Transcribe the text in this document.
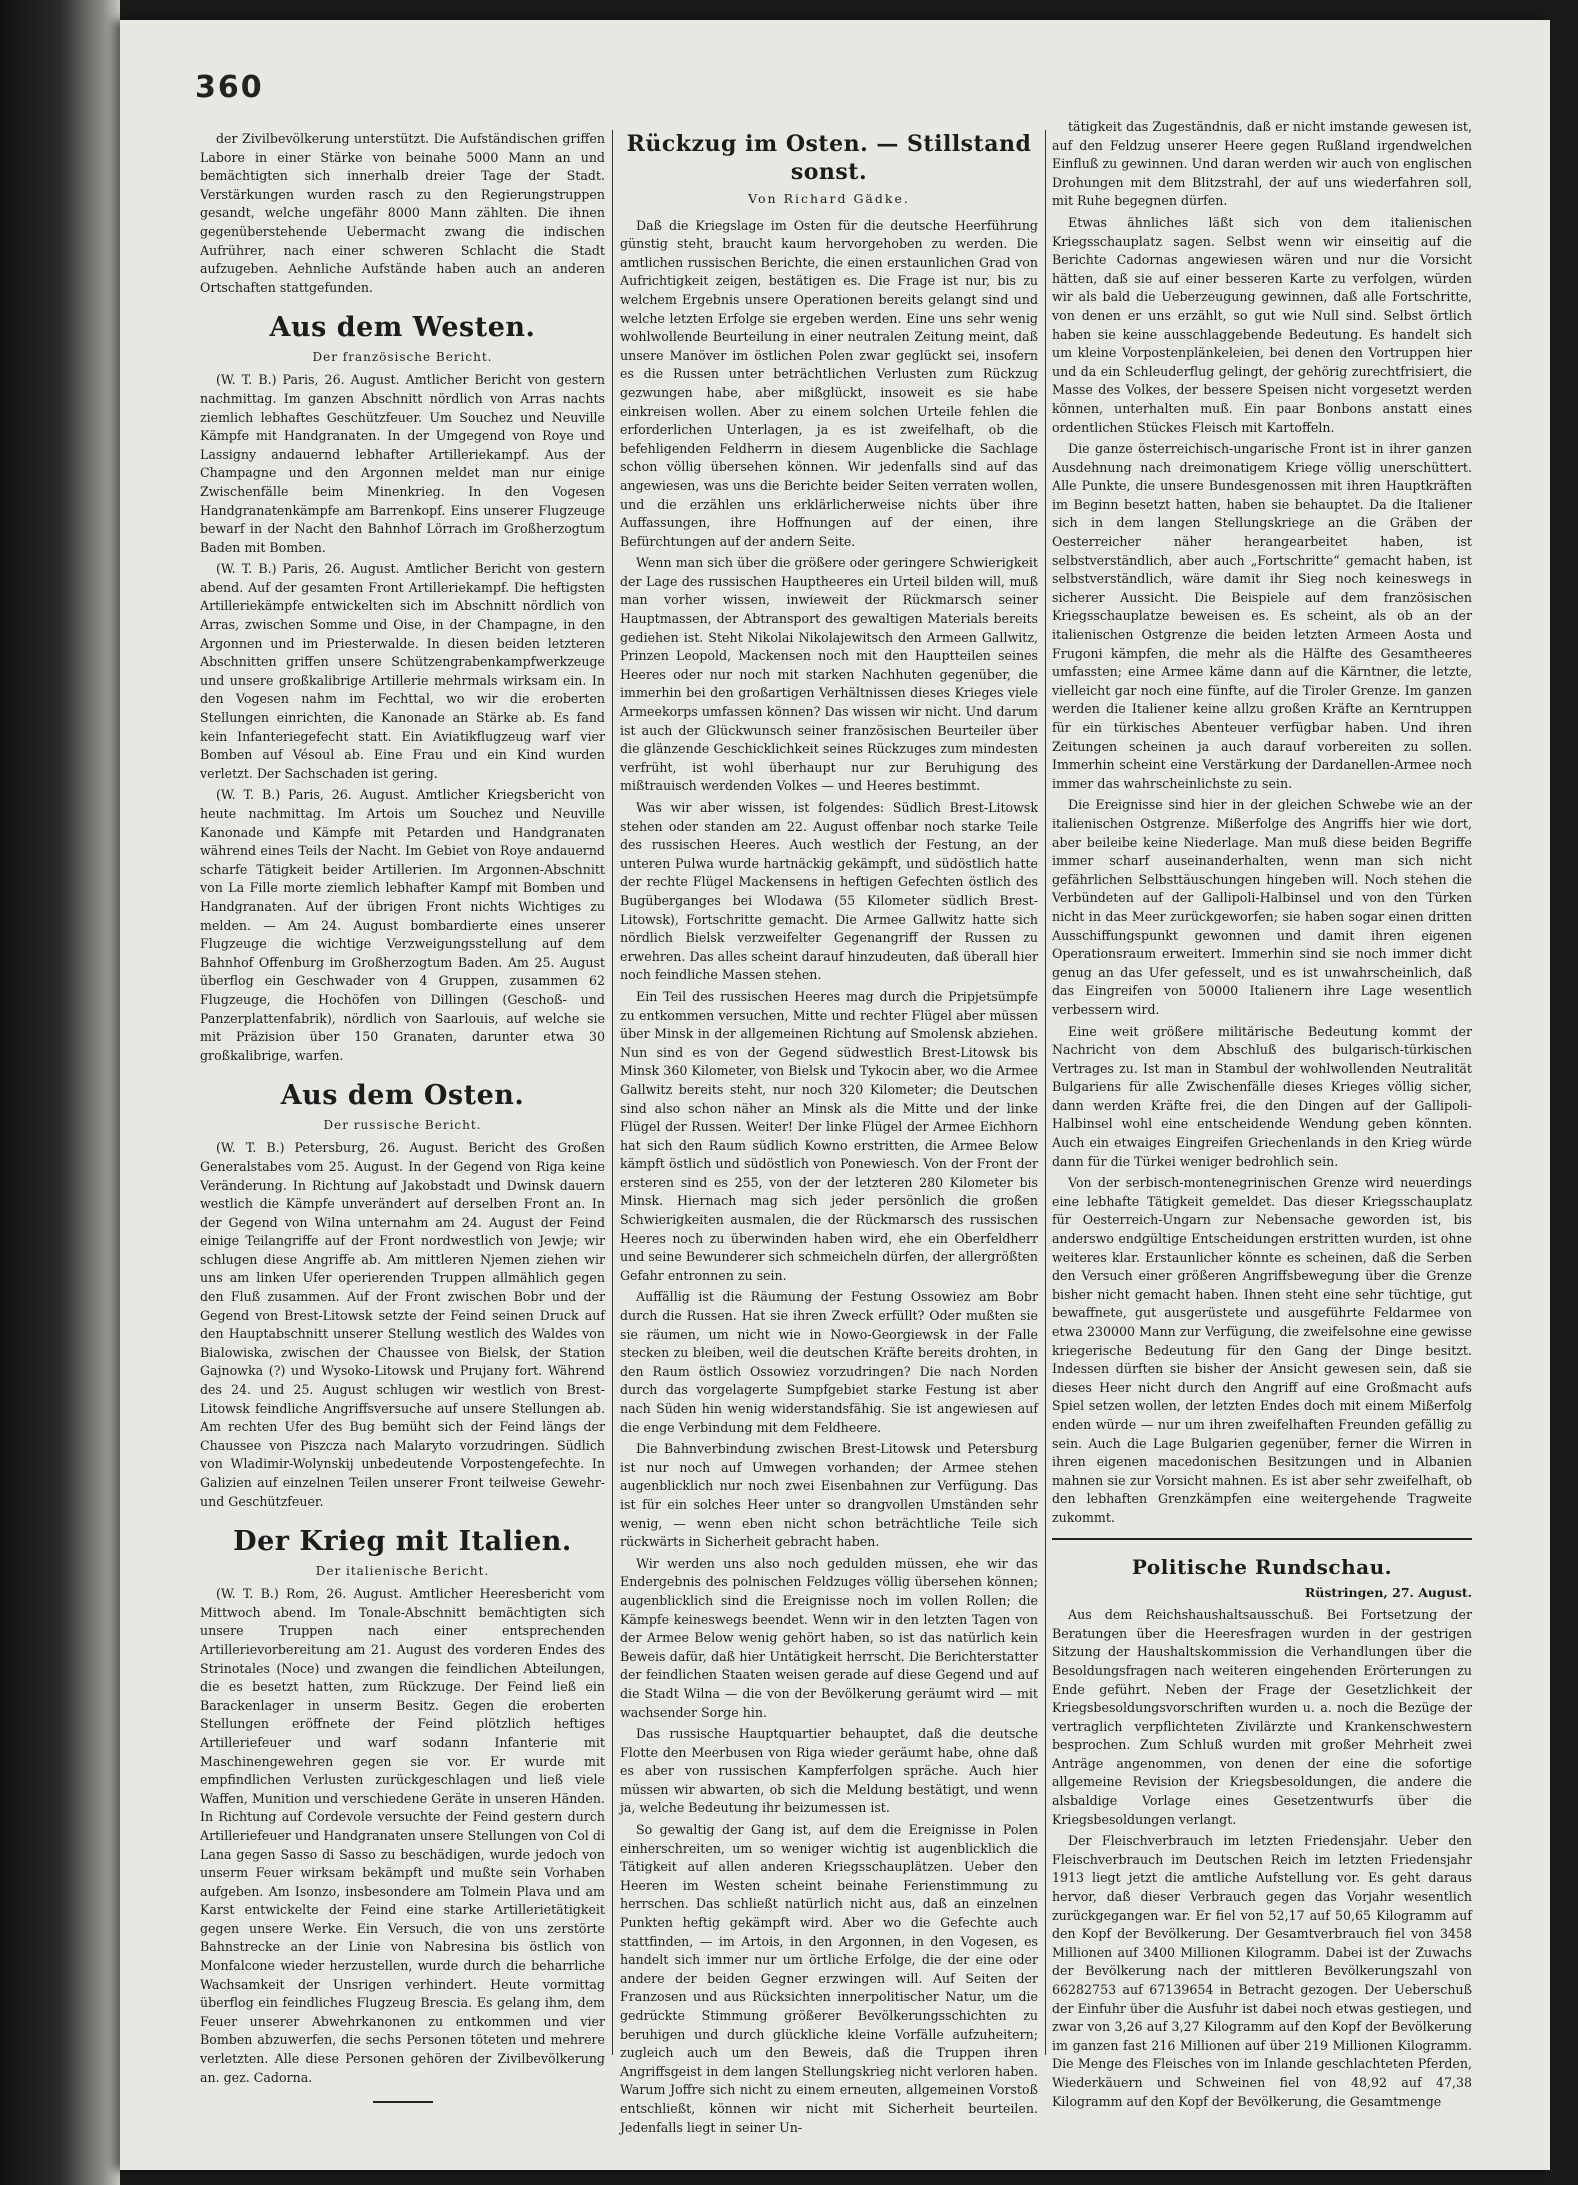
360

der Zivilbevölkerung unterstützt. Die Aufständischen griffen Labore in einer Stärke von beinahe 5000 Mann an und bemächtigten sich innerhalb dreier Tage der Stadt. Verstärkungen wurden rasch zu den Regierungstruppen gesandt, welche ungefähr 8000 Mann zählten. Die ihnen gegenüberstehende Uebermacht zwang die indischen Aufrührer, nach einer schweren Schlacht die Stadt aufzugeben. Aehnliche Aufstände haben auch an anderen Ortschaften stattgefunden.

Aus dem Westen.
Der französische Bericht.

(W. T. B.) Paris, 26. August. Amtlicher Bericht von gestern nachmittag. Im ganzen Abschnitt nördlich von Arras nachts ziemlich lebhaftes Geschützfeuer. Um Souchez und Neuville Kämpfe mit Handgranaten. In der Umgegend von Roye und Lassigny andauernd lebhafter Artilleriekampf. Aus der Champagne und den Argonnen meldet man nur einige Zwischenfälle beim Minenkrieg. In den Vogesen Handgranatenkämpfe am Barrenkopf. Eins unserer Flugzeuge bewarf in der Nacht den Bahnhof Lörrach im Großherzogtum Baden mit Bomben.

(W. T. B.) Paris, 26. August. Amtlicher Bericht von gestern abend. Auf der gesamten Front Artilleriekampf. Die heftigsten Artilleriekämpfe entwickelten sich im Abschnitt nördlich von Arras, zwischen Somme und Oise, in der Champagne, in den Argonnen und im Priesterwalde. In diesen beiden letzteren Abschnitten griffen unsere Schützengrabenkampfwerkzeuge und unsere großkalibrige Artillerie mehrmals wirksam ein. In den Vogesen nahm im Fechttal, wo wir die eroberten Stellungen einrichten, die Kanonade an Stärke ab. Es fand kein Infanteriegefecht statt. Ein Aviatikflugzeug warf vier Bomben auf Vésoul ab. Eine Frau und ein Kind wurden verletzt. Der Sachschaden ist gering.

(W. T. B.) Paris, 26. August. Amtlicher Kriegsbericht von heute nachmittag. Im Artois um Souchez und Neuville Kanonade und Kämpfe mit Petarden und Handgranaten während eines Teils der Nacht. Im Gebiet von Roye andauernd scharfe Tätigkeit beider Artillerien. Im Argonnen-Abschnitt von La Fille morte ziemlich lebhafter Kampf mit Bomben und Handgranaten. Auf der übrigen Front nichts Wichtiges zu melden. — Am 24. August bombardierte eines unserer Flugzeuge die wichtige Verzweigungsstellung auf dem Bahnhof Offenburg im Großherzogtum Baden. Am 25. August überflog ein Geschwader von 4 Gruppen, zusammen 62 Flugzeuge, die Hochöfen von Dillingen (Geschoß- und Panzerplattenfabrik), nördlich von Saarlouis, auf welche sie mit Präzision über 150 Granaten, darunter etwa 30 großkalibrige, warfen.

Aus dem Osten.
Der russische Bericht.

(W. T. B.) Petersburg, 26. August. Bericht des Großen Generalstabes vom 25. August. In der Gegend von Riga keine Veränderung. In Richtung auf Jakobstadt und Dwinsk dauern westlich die Kämpfe unverändert auf derselben Front an. In der Gegend von Wilna unternahm am 24. August der Feind einige Teilangriffe auf der Front nordwestlich von Jewje; wir schlugen diese Angriffe ab. Am mittleren Njemen ziehen wir uns am linken Ufer operierenden Truppen allmählich gegen den Fluß zusammen. Auf der Front zwischen Bobr und der Gegend von Brest-Litowsk setzte der Feind seinen Druck auf den Hauptabschnitt unserer Stellung westlich des Waldes von Bialowiska, zwischen der Chaussee von Bielsk, der Station Gajnowka (?) und Wysoko-Litowsk und Prujany fort. Während des 24. und 25. August schlugen wir westlich von Brest-Litowsk feindliche Angriffsversuche auf unsere Stellungen ab. Am rechten Ufer des Bug bemüht sich der Feind längs der Chaussee von Piszcza nach Malaryto vorzudringen. Südlich von Wladimir-Wolynskij unbedeutende Vorpostengefechte. In Galizien auf einzelnen Teilen unserer Front teilweise Gewehr- und Geschützfeuer.

Der Krieg mit Italien.
Der italienische Bericht.

(W. T. B.) Rom, 26. August. Amtlicher Heeresbericht vom Mittwoch abend. Im Tonale-Abschnitt bemächtigten sich unsere Truppen nach einer entsprechenden Artillerievorbereitung am 21. August des vorderen Endes des Strinotales (Noce) und zwangen die feindlichen Abteilungen, die es besetzt hatten, zum Rückzuge. Der Feind ließ ein Barackenlager in unserm Besitz. Gegen die eroberten Stellungen eröffnete der Feind plötzlich heftiges Artilleriefeuer und warf sodann Infanterie mit Maschinengewehren gegen sie vor. Er wurde mit empfindlichen Verlusten zurückgeschlagen und ließ viele Waffen, Munition und verschiedene Geräte in unseren Händen. In Richtung auf Cordevole versuchte der Feind gestern durch Artilleriefeuer und Handgranaten unsere Stellungen von Col di Lana gegen Sasso di Sasso zu beschädigen, wurde jedoch von unserm Feuer wirksam bekämpft und mußte sein Vorhaben aufgeben. Am Isonzo, insbesondere am Tolmein Plava und am Karst entwickelte der Feind eine starke Artillerietätigkeit gegen unsere Werke. Ein Versuch, die von uns zerstörte Bahnstrecke an der Linie von Nabresina bis östlich von Monfalcone wieder herzustellen, wurde durch die beharrliche Wachsamkeit der Unsrigen verhindert. Heute vormittag überflog ein feindliches Flugzeug Brescia. Es gelang ihm, dem Feuer unserer Abwehrkanonen zu entkommen und vier Bomben abzuwerfen, die sechs Personen töteten und mehrere verletzten. Alle diese Personen gehören der Zivilbevölkerung an. gez. Cadorna.

Rückzug im Osten. — Stillstand sonst.
Von Richard Gädke.

Daß die Kriegslage im Osten für die deutsche Heerführung günstig steht, braucht kaum hervorgehoben zu werden. Die amtlichen russischen Berichte, die einen erstaunlichen Grad von Aufrichtigkeit zeigen, bestätigen es. Die Frage ist nur, bis zu welchem Ergebnis unsere Operationen bereits gelangt sind und welche letzten Erfolge sie ergeben werden. Eine uns sehr wenig wohlwollende Beurteilung in einer neutralen Zeitung meint, daß unsere Manöver im östlichen Polen zwar geglückt sei, insofern es die Russen unter beträchtlichen Verlusten zum Rückzug gezwungen habe, aber mißglückt, insoweit es sie habe einkreisen wollen. Aber zu einem solchen Urteile fehlen die erforderlichen Unterlagen, ja es ist zweifelhaft, ob die befehligenden Feldherrn in diesem Augenblicke die Sachlage schon völlig übersehen können. Wir jedenfalls sind auf das angewiesen, was uns die Berichte beider Seiten verraten wollen, und die erzählen uns erklärlicherweise nichts über ihre Auffassungen, ihre Hoffnungen auf der einen, ihre Befürchtungen auf der andern Seite.

Wenn man sich über die größere oder geringere Schwierigkeit der Lage des russischen Hauptheeres ein Urteil bilden will, muß man vorher wissen, inwieweit der Rückmarsch seiner Hauptmassen, der Abtransport des gewaltigen Materials bereits gediehen ist. Steht Nikolai Nikolajewitsch den Armeen Gallwitz, Prinzen Leopold, Mackensen noch mit den Hauptteilen seines Heeres oder nur noch mit starken Nachhuten gegenüber, die immerhin bei den großartigen Verhältnissen dieses Krieges viele Armeekorps umfassen können? Das wissen wir nicht. Und darum ist auch der Glückwunsch seiner französischen Beurteiler über die glänzende Geschicklichkeit seines Rückzuges zum mindesten verfrüht, ist wohl überhaupt nur zur Beruhigung des mißtrauisch werdenden Volkes — und Heeres bestimmt.

Was wir aber wissen, ist folgendes: Südlich Brest-Litowsk stehen oder standen am 22. August offenbar noch starke Teile des russischen Heeres. Auch westlich der Festung, an der unteren Pulwa wurde hartnäckig gekämpft, und südöstlich hatte der rechte Flügel Mackensens in heftigen Gefechten östlich des Bugüberganges bei Wlodawa (55 Kilometer südlich Brest-Litowsk), Fortschritte gemacht. Die Armee Gallwitz hatte sich nördlich Bielsk verzweifelter Gegenangriff der Russen zu erwehren. Das alles scheint darauf hinzudeuten, daß überall hier noch feindliche Massen stehen.

Ein Teil des russischen Heeres mag durch die Pripjetsümpfe zu entkommen versuchen, Mitte und rechter Flügel aber müssen über Minsk in der allgemeinen Richtung auf Smolensk abziehen. Nun sind es von der Gegend südwestlich Brest-Litowsk bis Minsk 360 Kilometer, von Bielsk und Tykocin aber, wo die Armee Gallwitz bereits steht, nur noch 320 Kilometer; die Deutschen sind also schon näher an Minsk als die Mitte und der linke Flügel der Russen. Weiter! Der linke Flügel der Armee Eichhorn hat sich den Raum südlich Kowno erstritten, die Armee Below kämpft östlich und südöstlich von Ponewiesch. Von der Front der ersteren sind es 255, von der der letzteren 280 Kilometer bis Minsk. Hiernach mag sich jeder persönlich die großen Schwierigkeiten ausmalen, die der Rückmarsch des russischen Heeres noch zu überwinden haben wird, ehe ein Oberfeldherr und seine Bewunderer sich schmeicheln dürfen, der allergrößten Gefahr entronnen zu sein.

Auffällig ist die Räumung der Festung Ossowiez am Bobr durch die Russen. Hat sie ihren Zweck erfüllt? Oder mußten sie sie räumen, um nicht wie in Nowo-Georgiewsk in der Falle stecken zu bleiben, weil die deutschen Kräfte bereits drohten, in den Raum östlich Ossowiez vorzudringen? Die nach Norden durch das vorgelagerte Sumpfgebiet starke Festung ist aber nach Süden hin wenig widerstandsfähig. Sie ist angewiesen auf die enge Verbindung mit dem Feldheere.

Die Bahnverbindung zwischen Brest-Litowsk und Petersburg ist nur noch auf Umwegen vorhanden; der Armee stehen augenblicklich nur noch zwei Eisenbahnen zur Verfügung. Das ist für ein solches Heer unter so drangvollen Umständen sehr wenig, — wenn eben nicht schon beträchtliche Teile sich rückwärts in Sicherheit gebracht haben.

Wir werden uns also noch gedulden müssen, ehe wir das Endergebnis des polnischen Feldzuges völlig übersehen können; augenblicklich sind die Ereignisse noch im vollen Rollen; die Kämpfe keineswegs beendet. Wenn wir in den letzten Tagen von der Armee Below wenig gehört haben, so ist das natürlich kein Beweis dafür, daß hier Untätigkeit herrscht. Die Berichterstatter der feindlichen Staaten weisen gerade auf diese Gegend und auf die Stadt Wilna — die von der Bevölkerung geräumt wird — mit wachsender Sorge hin.

Das russische Hauptquartier behauptet, daß die deutsche Flotte den Meerbusen von Riga wieder geräumt habe, ohne daß es aber von russischen Kampferfolgen spräche. Auch hier müssen wir abwarten, ob sich die Meldung bestätigt, und wenn ja, welche Bedeutung ihr beizumessen ist.

So gewaltig der Gang ist, auf dem die Ereignisse in Polen einherschreiten, um so weniger wichtig ist augenblicklich die Tätigkeit auf allen anderen Kriegsschauplätzen. Ueber den Heeren im Westen scheint beinahe Ferienstimmung zu herrschen. Das schließt natürlich nicht aus, daß an einzelnen Punkten heftig gekämpft wird. Aber wo die Gefechte auch stattfinden, — im Artois, in den Argonnen, in den Vogesen, es handelt sich immer nur um örtliche Erfolge, die der eine oder andere der beiden Gegner erzwingen will. Auf Seiten der Franzosen und aus Rücksichten innerpolitischer Natur, um die gedrückte Stimmung größerer Bevölkerungsschichten zu beruhigen und durch glückliche kleine Vorfälle aufzuheitern; zugleich auch um den Beweis, daß die Truppen ihren Angriffsgeist in dem langen Stellungskrieg nicht verloren haben. Warum Joffre sich nicht zu einem erneuten, allgemeinen Vorstoß entschließt, können wir nicht mit Sicherheit beurteilen. Jedenfalls liegt in seiner Un-

tätigkeit das Zugeständnis, daß er nicht imstande gewesen ist, auf den Feldzug unserer Heere gegen Rußland irgendwelchen Einfluß zu gewinnen. Und daran werden wir auch von englischen Drohungen mit dem Blitzstrahl, der auf uns wiederfahren soll, mit Ruhe begegnen dürfen.

Etwas ähnliches läßt sich von dem italienischen Kriegsschauplatz sagen. Selbst wenn wir einseitig auf die Berichte Cadornas angewiesen wären und nur die Vorsicht hätten, daß sie auf einer besseren Karte zu verfolgen, würden wir als bald die Ueberzeugung gewinnen, daß alle Fortschritte, von denen er uns erzählt, so gut wie Null sind. Selbst örtlich haben sie keine ausschlaggebende Bedeutung. Es handelt sich um kleine Vorpostenplänkeleien, bei denen den Vortruppen hier und da ein Schleuderflug gelingt, der gehörig zurechtfrisiert, die Masse des Volkes, der bessere Speisen nicht vorgesetzt werden können, unterhalten muß. Ein paar Bonbons anstatt eines ordentlichen Stückes Fleisch mit Kartoffeln.

Die ganze österreichisch-ungarische Front ist in ihrer ganzen Ausdehnung nach dreimonatigem Kriege völlig unerschüttert. Alle Punkte, die unsere Bundesgenossen mit ihren Hauptkräften im Beginn besetzt hatten, haben sie behauptet. Da die Italiener sich in dem langen Stellungskriege an die Gräben der Oesterreicher näher herangearbeitet haben, ist selbstverständlich, aber auch „Fortschritte“ gemacht haben, ist selbstverständlich, wäre damit ihr Sieg noch keineswegs in sicherer Aussicht. Die Beispiele auf dem französischen Kriegsschauplatze beweisen es. Es scheint, als ob an der italienischen Ostgrenze die beiden letzten Armeen Aosta und Frugoni kämpfen, die mehr als die Hälfte des Gesamtheeres umfassten; eine Armee käme dann auf die Kärntner, die letzte, vielleicht gar noch eine fünfte, auf die Tiroler Grenze. Im ganzen werden die Italiener keine allzu großen Kräfte an Kerntruppen für ein türkisches Abenteuer verfügbar haben. Und ihren Zeitungen scheinen ja auch darauf vorbereiten zu sollen. Immerhin scheint eine Verstärkung der Dardanellen-Armee noch immer das wahrscheinlichste zu sein.

Die Ereignisse sind hier in der gleichen Schwebe wie an der italienischen Ostgrenze. Mißerfolge des Angriffs hier wie dort, aber beileibe keine Niederlage. Man muß diese beiden Begriffe immer scharf auseinanderhalten, wenn man sich nicht gefährlichen Selbsttäuschungen hingeben will. Noch stehen die Verbündeten auf der Gallipoli-Halbinsel und von den Türken nicht in das Meer zurückgeworfen; sie haben sogar einen dritten Ausschiffungspunkt gewonnen und damit ihren eigenen Operationsraum erweitert. Immerhin sind sie noch immer dicht genug an das Ufer gefesselt, und es ist unwahrscheinlich, daß das Eingreifen von 50000 Italienern ihre Lage wesentlich verbessern wird.

Eine weit größere militärische Bedeutung kommt der Nachricht von dem Abschluß des bulgarisch-türkischen Vertrages zu. Ist man in Stambul der wohlwollenden Neutralität Bulgariens für alle Zwischenfälle dieses Krieges völlig sicher, dann werden Kräfte frei, die den Dingen auf der Gallipoli-Halbinsel wohl eine entscheidende Wendung geben könnten. Auch ein etwaiges Eingreifen Griechenlands in den Krieg würde dann für die Türkei weniger bedrohlich sein.

Von der serbisch-montenegrinischen Grenze wird neuerdings eine lebhafte Tätigkeit gemeldet. Das dieser Kriegsschauplatz für Oesterreich-Ungarn zur Nebensache geworden ist, bis anderswo endgültige Entscheidungen erstritten wurden, ist ohne weiteres klar. Erstaunlicher könnte es scheinen, daß die Serben den Versuch einer größeren Angriffsbewegung über die Grenze bisher nicht gemacht haben. Ihnen steht eine sehr tüchtige, gut bewaffnete, gut ausgerüstete und ausgeführte Feldarmee von etwa 230000 Mann zur Verfügung, die zweifelsohne eine gewisse kriegerische Bedeutung für den Gang der Dinge besitzt. Indessen dürften sie bisher der Ansicht gewesen sein, daß sie dieses Heer nicht durch den Angriff auf eine Großmacht aufs Spiel setzen wollen, der letzten Endes doch mit einem Mißerfolg enden würde — nur um ihren zweifelhaften Freunden gefällig zu sein. Auch die Lage Bulgarien gegenüber, ferner die Wirren in ihren eigenen macedonischen Besitzungen und in Albanien mahnen sie zur Vorsicht mahnen. Es ist aber sehr zweifelhaft, ob den lebhaften Grenzkämpfen eine weitergehende Tragweite zukommt.

Politische Rundschau.
Rüstringen, 27. August.

Aus dem Reichshaushaltsausschuß. Bei Fortsetzung der Beratungen über die Heeresfragen wurden in der gestrigen Sitzung der Haushaltskommission die Verhandlungen über die Besoldungsfragen nach weiteren eingehenden Erörterungen zu Ende geführt. Neben der Frage der Gesetzlichkeit der Kriegsbesoldungsvorschriften wurden u. a. noch die Bezüge der vertraglich verpflichteten Zivilärzte und Krankenschwestern besprochen. Zum Schluß wurden mit großer Mehrheit zwei Anträge angenommen, von denen der eine die sofortige allgemeine Revision der Kriegsbesoldungen, die andere die alsbaldige Vorlage eines Gesetzentwurfs über die Kriegsbesoldungen verlangt.

Der Fleischverbrauch im letzten Friedensjahr. Ueber den Fleischverbrauch im Deutschen Reich im letzten Friedensjahr 1913 liegt jetzt die amtliche Aufstellung vor. Es geht daraus hervor, daß dieser Verbrauch gegen das Vorjahr wesentlich zurückgegangen war. Er fiel von 52,17 auf 50,65 Kilogramm auf den Kopf der Bevölkerung. Der Gesamtverbrauch fiel von 3458 Millionen auf 3400 Millionen Kilogramm. Dabei ist der Zuwachs der Bevölkerung nach der mittleren Bevölkerungszahl von 66282753 auf 67139654 in Betracht gezogen. Der Ueberschuß der Einfuhr über die Ausfuhr ist dabei noch etwas gestiegen, und zwar von 3,26 auf 3,27 Kilogramm auf den Kopf der Bevölkerung im ganzen fast 216 Millionen auf über 219 Millionen Kilogramm. Die Menge des Fleisches von im Inlande geschlachteten Pferden, Wiederkäuern und Schweinen fiel von 48,92 auf 47,38 Kilogramm auf den Kopf der Bevölkerung, die Gesamtmenge
